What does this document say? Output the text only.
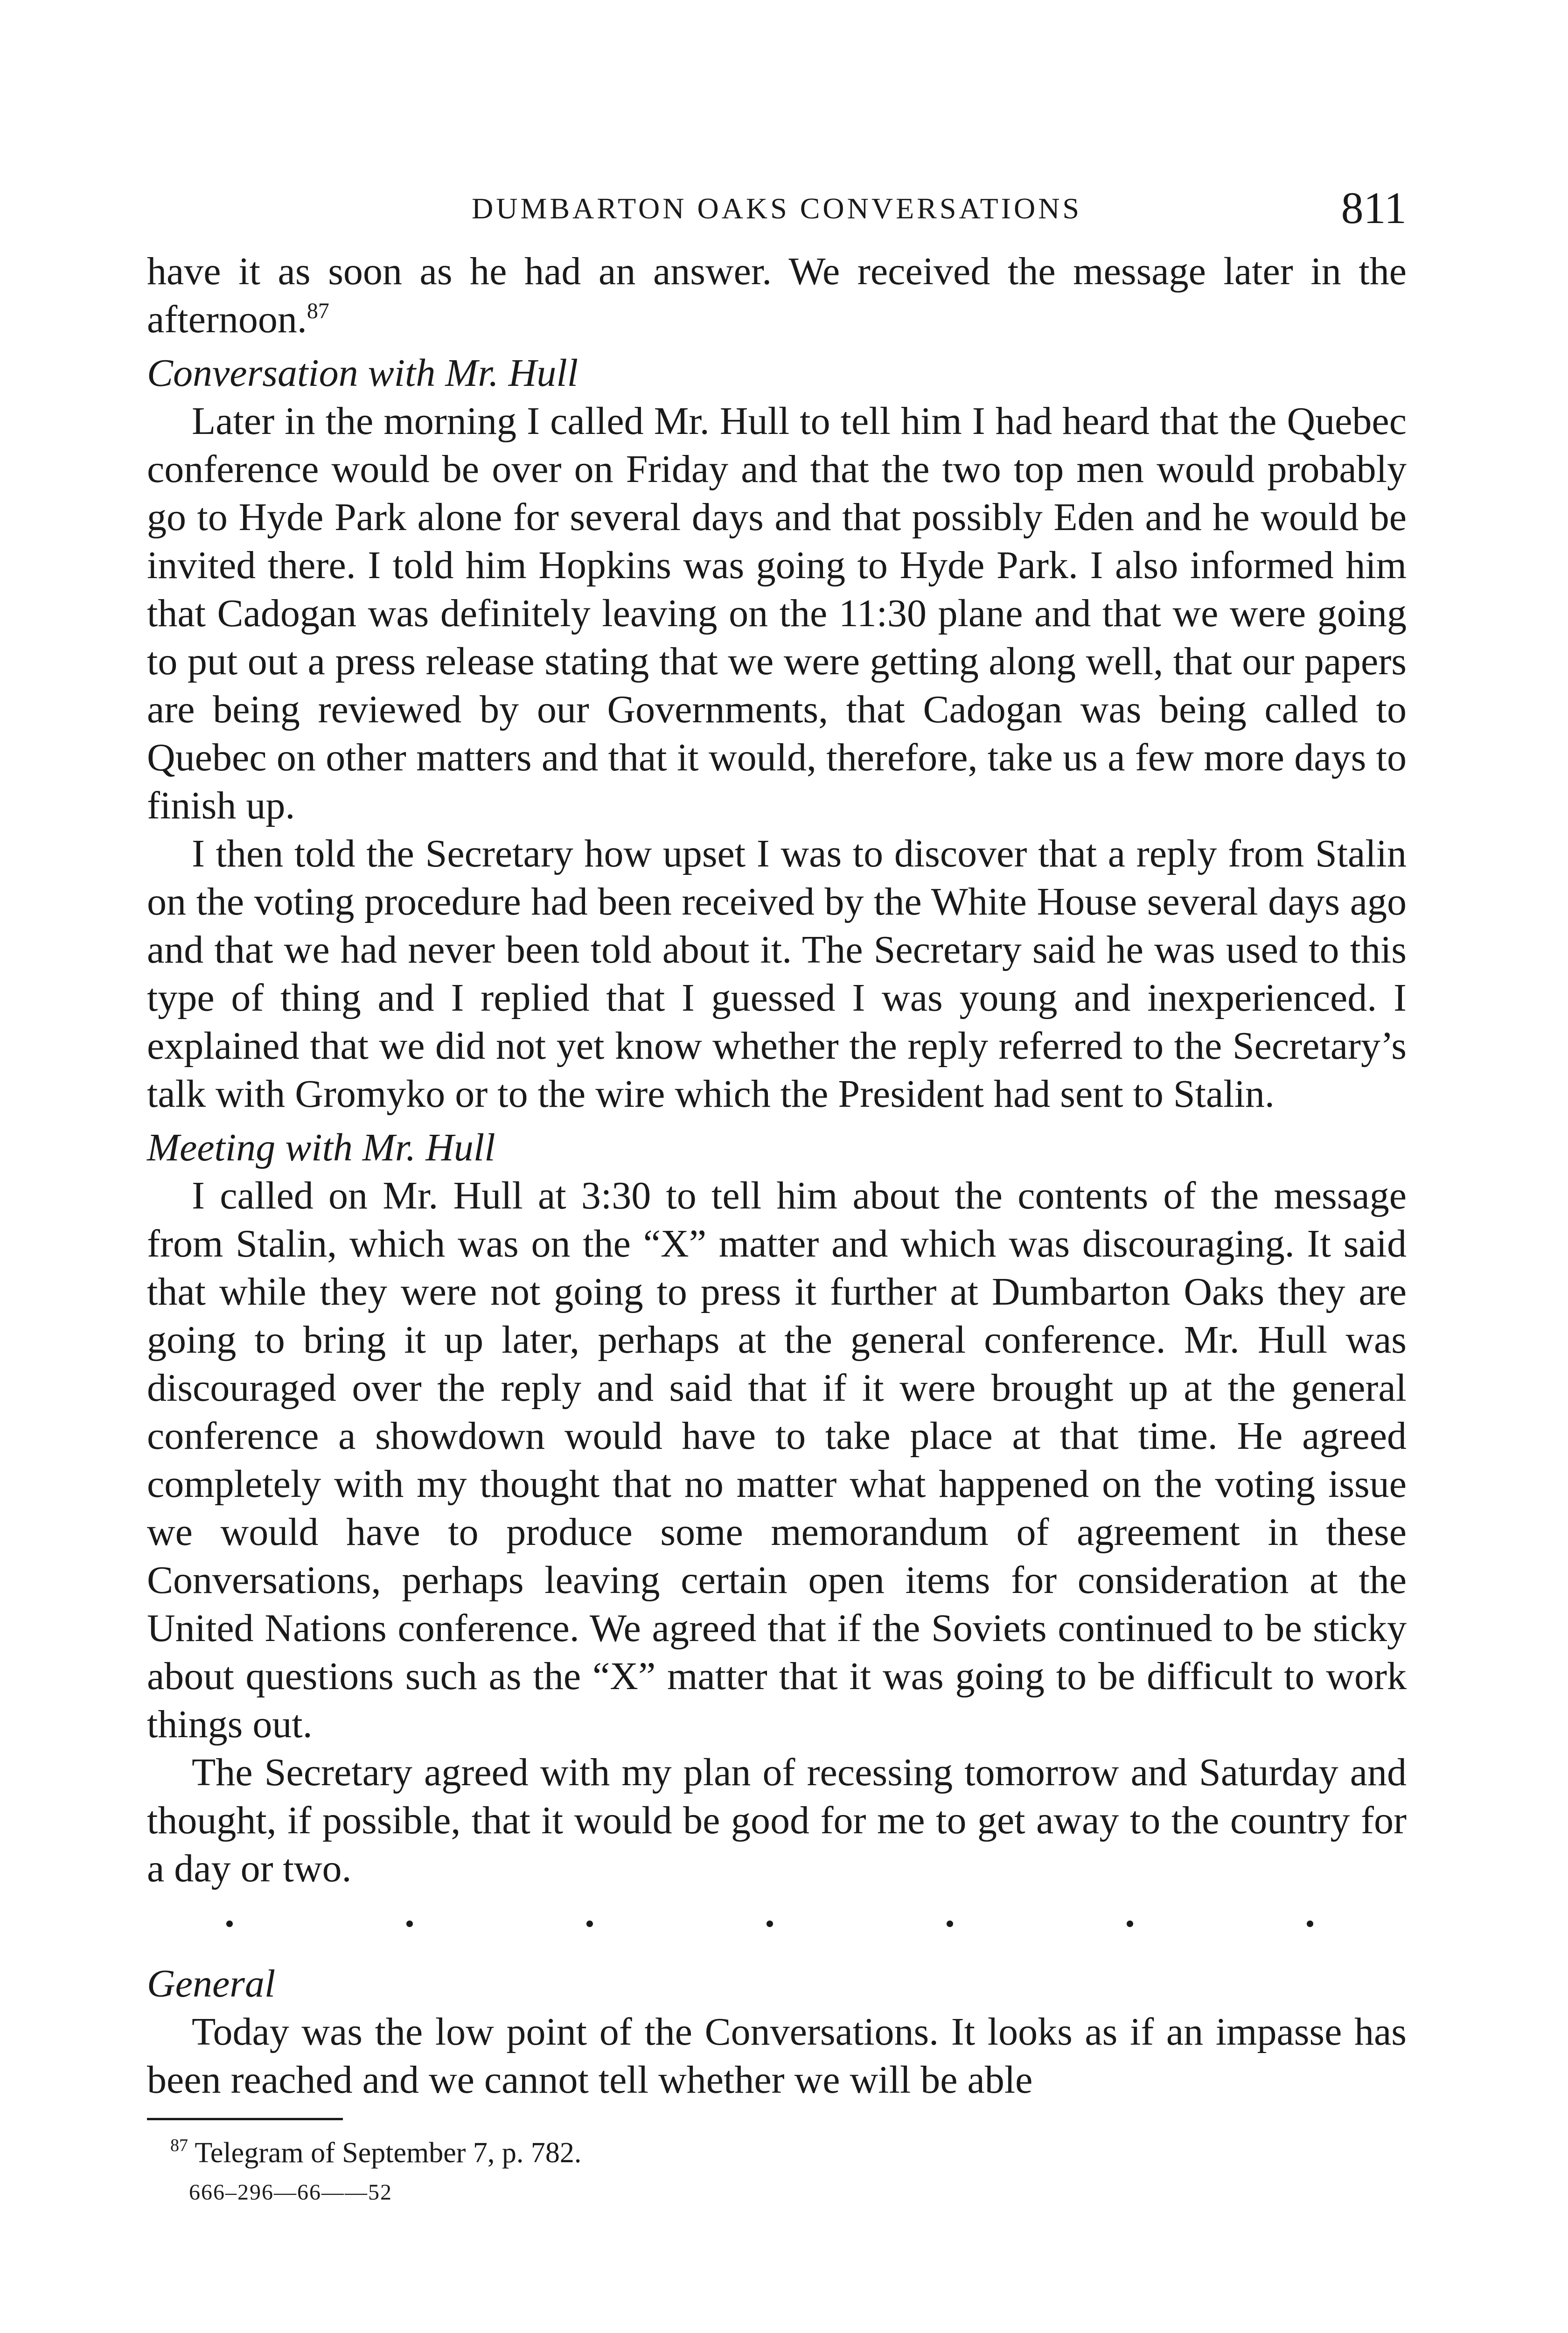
DUMBARTON OAKS CONVERSATIONS	811

have it as soon as he had an answer. We received the message later in the afternoon.$^{87}$

Conversation with Mr. Hull

Later in the morning I called Mr. Hull to tell him I had heard that the Quebec conference would be over on Friday and that the two top men would probably go to Hyde Park alone for several days and that possibly Eden and he would be invited there. I told him Hopkins was going to Hyde Park. I also informed him that Cadogan was definitely leaving on the 11:30 plane and that we were going to put out a press release stating that we were getting along well, that our papers are being reviewed by our Governments, that Cadogan was being called to Quebec on other matters and that it would, therefore, take us a few more days to finish up.

I then told the Secretary how upset I was to discover that a reply from Stalin on the voting procedure had been received by the White House several days ago and that we had never been told about it. The Secretary said he was used to this type of thing and I replied that I guessed I was young and inexperienced. I explained that we did not yet know whether the reply referred to the Secretary’s talk with Gromyko or to the wire which the President had sent to Stalin.

Meeting with Mr. Hull

I called on Mr. Hull at 3:30 to tell him about the contents of the message from Stalin, which was on the “X” matter and which was discouraging. It said that while they were not going to press it further at Dumbarton Oaks they are going to bring it up later, perhaps at the general conference. Mr. Hull was discouraged over the reply and said that if it were brought up at the general conference a showdown would have to take place at that time. He agreed completely with my thought that no matter what happened on the voting issue we would have to produce some memorandum of agreement in these Conversations, perhaps leaving certain open items for consideration at the United Nations conference. We agreed that if the Soviets continued to be sticky about questions such as the “X” matter that it was going to be difficult to work things out.

The Secretary agreed with my plan of recessing tomorrow and Saturday and thought, if possible, that it would be good for me to get away to the country for a day or two.

General

Today was the low point of the Conversations. It looks as if an impasse has been reached and we cannot tell whether we will be able

$^{87}$ Telegram of September 7, p. 782.
666–296—66——52
